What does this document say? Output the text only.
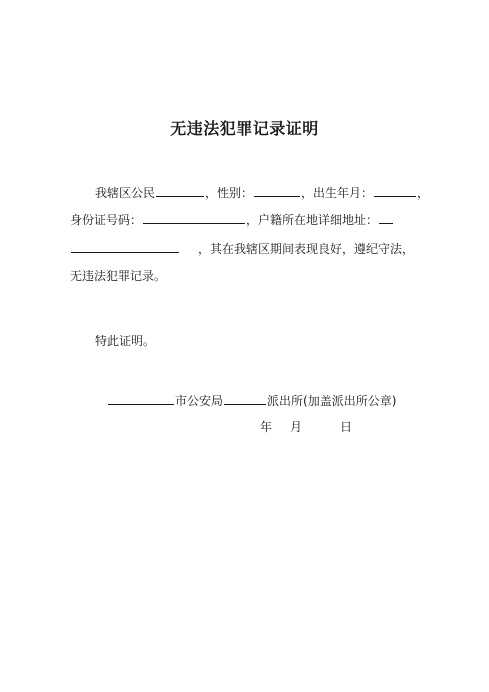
无违法犯罪记录证明
我辖区公民	，性别：	，出生年月：	，
身份证号码：	，户籍所在地详细地址：
，其在我辖区期间表现良好，遵纪守法，
无违法犯罪记录。
特此证明。
市公安局	派出所(加盖派出所公章)
年 月	日
